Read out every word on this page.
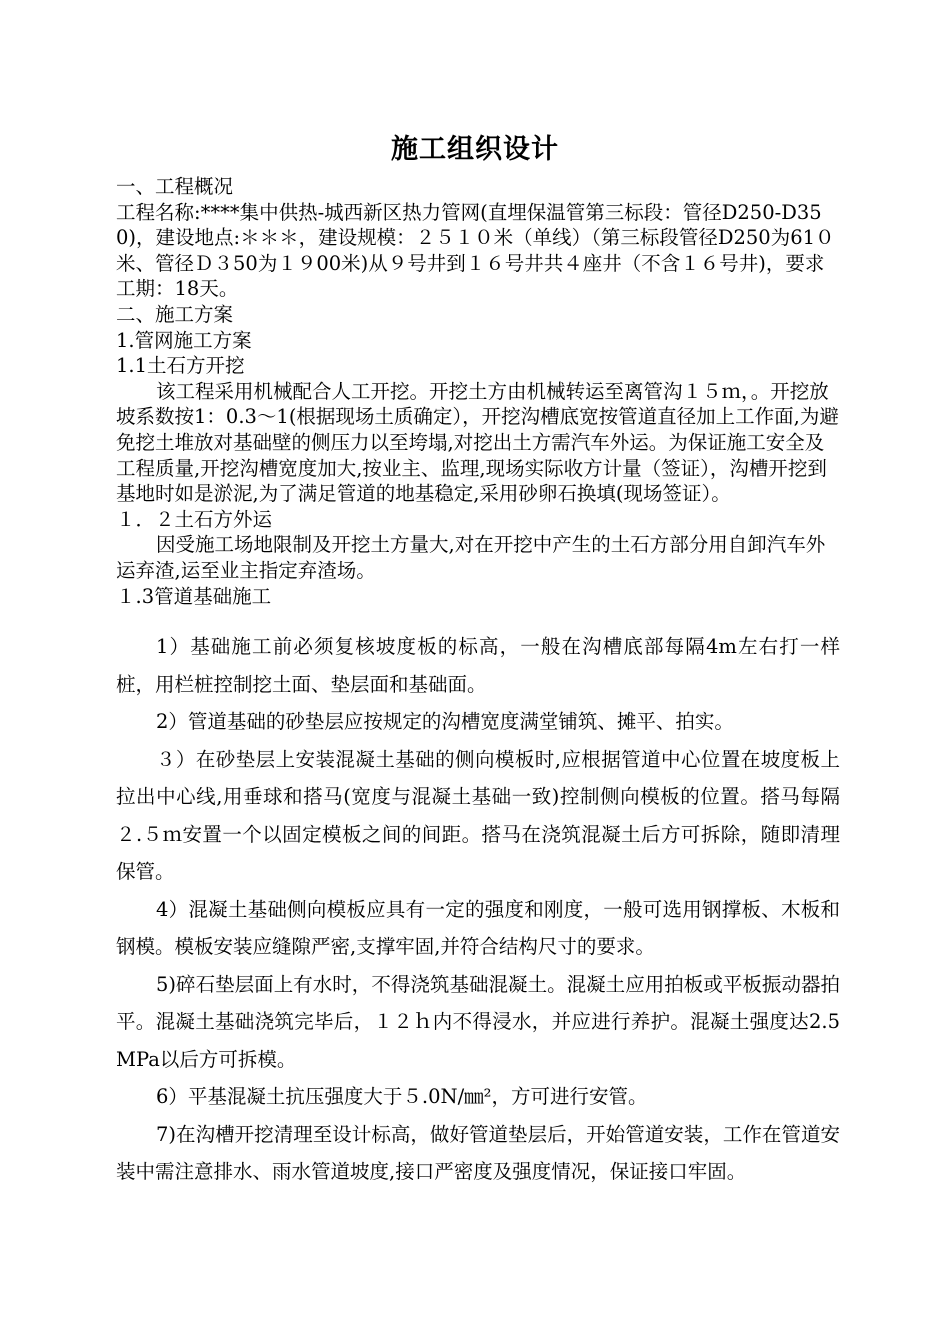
施工组织设计

一、工程概况

工程名称:****集中供热-城西新区热力管网(直埋保温管第三标段：管径D250-D350)，建设地点:＊＊＊，建设规模：２５１０米（单线）（第三标段管径D250为61０米、管径Ｄ３50为１９00米)从９号井到１６号井共４座井（不含１６号井)，要求工期：18天。

二、施工方案

1.管网施工方案

1.1土石方开挖

该工程采用机械配合人工开挖。开挖土方由机械转运至离管沟１５ｍ，。开挖放坡系数按1：0.3～1(根据现场土质确定），开挖沟槽底宽按管道直径加上工作面,为避免挖土堆放对基础壁的侧压力以至垮塌,对挖出土方需汽车外运。为保证施工安全及工程质量,开挖沟槽宽度加大,按业主、监理,现场实际收方计量（签证），沟槽开挖到基地时如是淤泥,为了满足管道的地基稳定,采用砂卵石换填(现场签证）。

１．２土石方外运

因受施工场地限制及开挖土方量大,对在开挖中产生的土石方部分用自卸汽车外运弃渣,运至业主指定弃渣场。

１.3管道基础施工

1）基础施工前必须复核坡度板的标高，一般在沟槽底部每隔4m左右打一样桩，用栏桩控制挖土面、垫层面和基础面。

2）管道基础的砂垫层应按规定的沟槽宽度满堂铺筑、摊平、拍实。

３）在砂垫层上安装混凝土基础的侧向模板时,应根据管道中心位置在坡度板上拉出中心线,用垂球和搭马(宽度与混凝土基础一致)控制侧向模板的位置。搭马每隔２.５ｍ安置一个以固定模板之间的间距。搭马在浇筑混凝土后方可拆除，随即清理保管。

4）混凝土基础侧向模板应具有一定的强度和刚度，一般可选用钢撑板、木板和钢模。模板安装应缝隙严密,支撑牢固,并符合结构尺寸的要求。

5)碎石垫层面上有水时，不得浇筑基础混凝土。混凝土应用拍板或平板振动器拍平。混凝土基础浇筑完毕后，１２ｈ内不得浸水，并应进行养护。混凝土强度达2.5MPa以后方可拆模。

6）平基混凝土抗压强度大于５.0N/㎜²，方可进行安管。

7)在沟槽开挖清理至设计标高，做好管道垫层后，开始管道安装，工作在管道安装中需注意排水、雨水管道坡度,接口严密度及强度情况，保证接口牢固。
